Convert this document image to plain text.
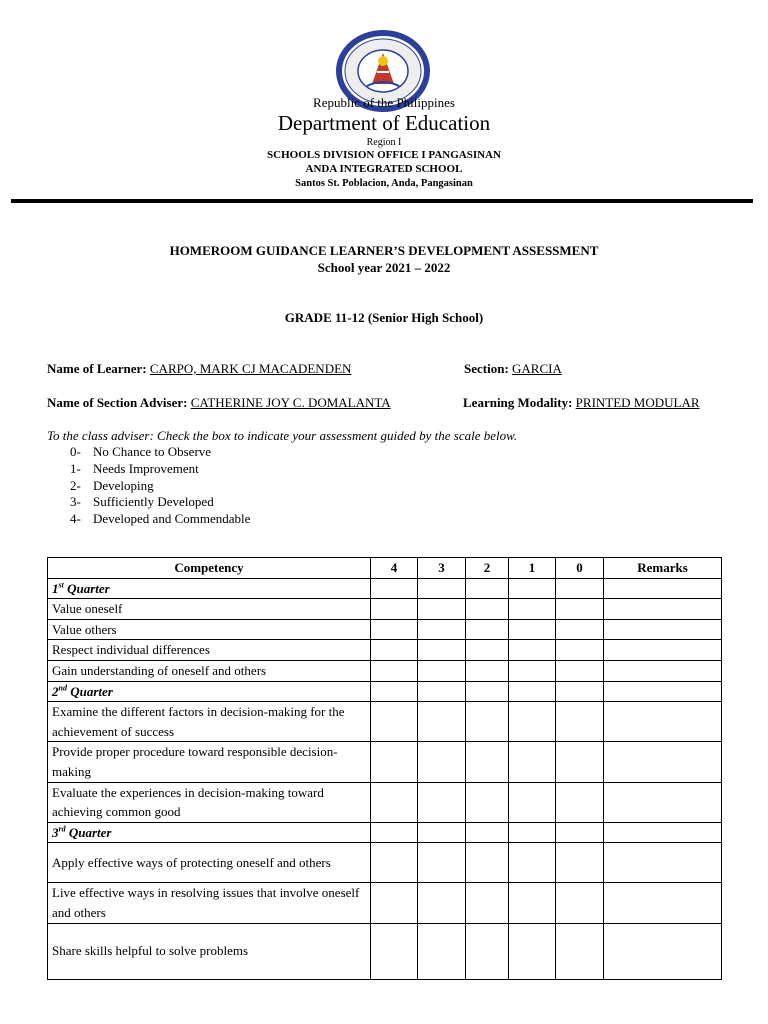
Republic of the Philippines
Department of Education
Region I
SCHOOLS DIVISION OFFICE I PANGASINAN
ANDA INTEGRATED SCHOOL
Santos St. Poblacion, Anda, Pangasinan
HOMEROOM GUIDANCE LEARNER’S DEVELOPMENT ASSESSMENT
School year 2021 – 2022
GRADE 11-12 (Senior High School)
Name of Learner: CARPO, MARK CJ MACADENDEN	Section: GARCIA
Name of Section Adviser: CATHERINE JOY C. DOMALANTA	Learning Modality: PRINTED MODULAR
To the class adviser: Check the box to indicate your assessment guided by the scale below.
0- No Chance to Observe
1- Needs Improvement
2- Developing
3- Sufficiently Developed
4- Developed and Commendable
Competency	4	3	2	1	0	Remarks
1st Quarter						
Value oneself						
Value others						
Respect individual differences						
Gain understanding of oneself and others						
2nd Quarter						
Examine the different factors in decision-making for the achievement of success						
Provide proper procedure toward responsible decision-making						
Evaluate the experiences in decision-making toward achieving common good						
3rd Quarter						
Apply effective ways of protecting oneself and others						
Live effective ways in resolving issues that involve oneself and others						
Share skills helpful to solve problems						
